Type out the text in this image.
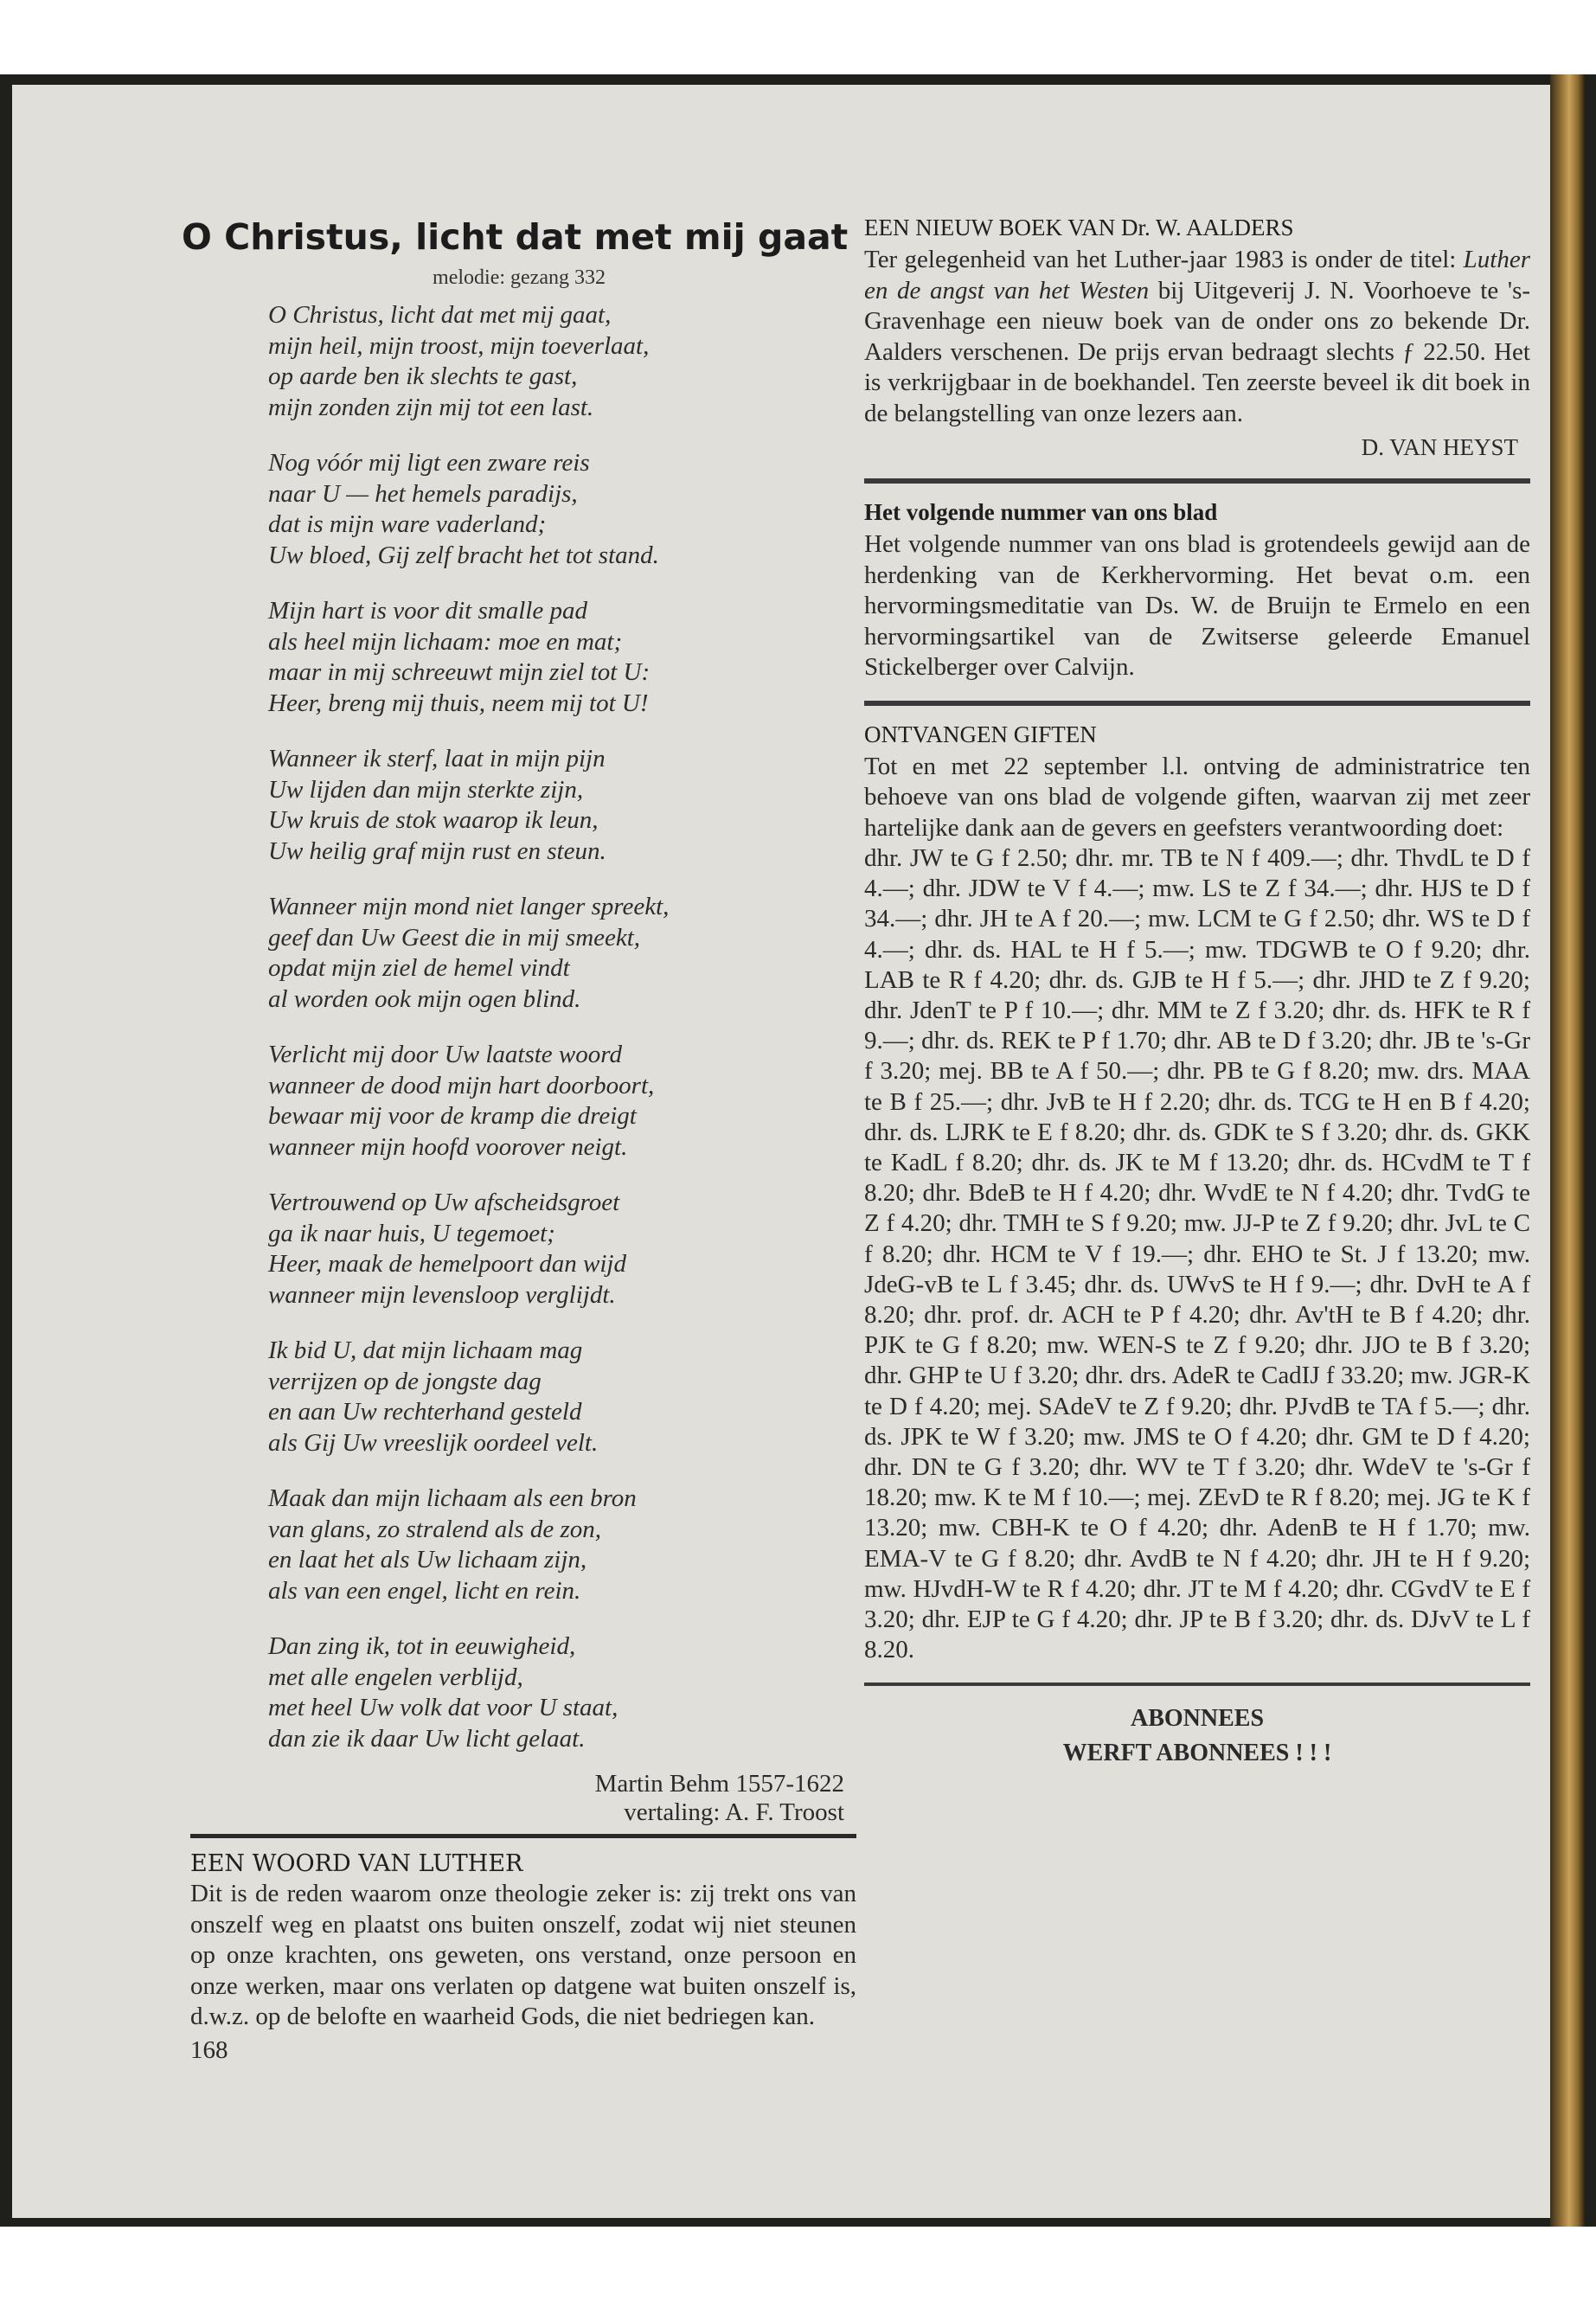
O Christus, licht dat met mij gaat
melodie: gezang 332
O Christus, licht dat met mij gaat,
mijn heil, mijn troost, mijn toeverlaat,
op aarde ben ik slechts te gast,
mijn zonden zijn mij tot een last.
Nog vóór mij ligt een zware reis
naar U — het hemels paradijs,
dat is mijn ware vaderland;
Uw bloed, Gij zelf bracht het tot stand.
Mijn hart is voor dit smalle pad
als heel mijn lichaam: moe en mat;
maar in mij schreeuwt mijn ziel tot U:
Heer, breng mij thuis, neem mij tot U!
Wanneer ik sterf, laat in mijn pijn
Uw lijden dan mijn sterkte zijn,
Uw kruis de stok waarop ik leun,
Uw heilig graf mijn rust en steun.
Wanneer mijn mond niet langer spreekt,
geef dan Uw Geest die in mij smeekt,
opdat mijn ziel de hemel vindt
al worden ook mijn ogen blind.
Verlicht mij door Uw laatste woord
wanneer de dood mijn hart doorboort,
bewaar mij voor de kramp die dreigt
wanneer mijn hoofd voorover neigt.
Vertrouwend op Uw afscheidsgroet
ga ik naar huis, U tegemoet;
Heer, maak de hemelpoort dan wijd
wanneer mijn levensloop verglijdt.
Ik bid U, dat mijn lichaam mag
verrijzen op de jongste dag
en aan Uw rechterhand gesteld
als Gij Uw vreeslijk oordeel velt.
Maak dan mijn lichaam als een bron
van glans, zo stralend als de zon,
en laat het als Uw lichaam zijn,
als van een engel, licht en rein.
Dan zing ik, tot in eeuwigheid,
met alle engelen verblijd,
met heel Uw volk dat voor U staat,
dan zie ik daar Uw licht gelaat.
Martin Behm 1557-1622
vertaling: A. F. Troost
EEN WOORD VAN LUTHER

Dit is de reden waarom onze theologie zeker is: zij trekt ons van onszelf weg en plaatst ons buiten onszelf, zodat wij niet steunen op onze krachten, ons geweten, ons verstand, onze persoon en onze werken, maar ons verlaten op datgene wat buiten onszelf is, d.w.z. op de belofte en waarheid Gods, die niet bedriegen kan.

168
EEN NIEUW BOEK VAN Dr. W. AALDERS

Ter gelegenheid van het Luther-jaar 1983 is onder de titel: Luther en de angst van het Westen bij Uitgeverij J. N. Voorhoeve te 's-Gravenhage een nieuw boek van de onder ons zo bekende Dr. Aalders verschenen. De prijs ervan bedraagt slechts ƒ 22.50. Het is verkrijgbaar in de boekhandel. Ten zeerste beveel ik dit boek in de belangstelling van onze lezers aan.

D. VAN HEYST
Het volgende nummer van ons blad

Het volgende nummer van ons blad is grotendeels gewijd aan de herdenking van de Kerkhervorming. Het bevat o.m. een hervormingsmeditatie van Ds. W. de Bruijn te Ermelo en een hervormingsartikel van de Zwitserse geleerde Emanuel Stickelberger over Calvijn.

ONTVANGEN GIFTEN

Tot en met 22 september l.l. ontving de administratrice ten behoeve van ons blad de volgende giften, waarvan zij met zeer hartelijke dank aan de gevers en geefsters verantwoording doet:

dhr. JW te G f 2.50; dhr. mr. TB te N f 409.—; dhr. ThvdL te D f 4.—; dhr. JDW te V f 4.—; mw. LS te Z f 34.—; dhr. HJS te D f 34.—; dhr. JH te A f 20.—; mw. LCM te G f 2.50; dhr. WS te D f 4.—; dhr. ds. HAL te H f 5.—; mw. TDGWB te O f 9.20; dhr. LAB te R f 4.20; dhr. ds. GJB te H f 5.—; dhr. JHD te Z f 9.20; dhr. JdenT te P f 10.—; dhr. MM te Z f 3.20; dhr. ds. HFK te R f 9.—; dhr. ds. REK te P f 1.70; dhr. AB te D f 3.20; dhr. JB te 's-Gr f 3.20; mej. BB te A f 50.—; dhr. PB te G f 8.20; mw. drs. MAA te B f 25.—; dhr. JvB te H f 2.20; dhr. ds. TCG te H en B f 4.20; dhr. ds. LJRK te E f 8.20; dhr. ds. GDK te S f 3.20; dhr. ds. GKK te KadL f 8.20; dhr. ds. JK te M f 13.20; dhr. ds. HCvdM te T f 8.20; dhr. BdeB te H f 4.20; dhr. WvdE te N f 4.20; dhr. TvdG te Z f 4.20; dhr. TMH te S f 9.20; mw. JJ-P te Z f 9.20; dhr. JvL te C f 8.20; dhr. HCM te V f 19.—; dhr. EHO te St. J f 13.20; mw. JdeG-vB te L f 3.45; dhr. ds. UWvS te H f 9.—; dhr. DvH te A f 8.20; dhr. prof. dr. ACH te P f 4.20; dhr. Av'tH te B f 4.20; dhr. PJK te G f 8.20; mw. WEN-S te Z f 9.20; dhr. JJO te B f 3.20; dhr. GHP te U f 3.20; dhr. drs. AdeR te CadIJ f 33.20; mw. JGR-K te D f 4.20; mej. SAdeV te Z f 9.20; dhr. PJvdB te TA f 5.—; dhr. ds. JPK te W f 3.20; mw. JMS te O f 4.20; dhr. GM te D f 4.20; dhr. DN te G f 3.20; dhr. WV te T f 3.20; dhr. WdeV te 's-Gr f 18.20; mw. K te M f 10.—; mej. ZEvD te R f 8.20; mej. JG te K f 13.20; mw. CBH-K te O f 4.20; dhr. AdenB te H f 1.70; mw. EMA-V te G f 8.20; dhr. AvdB te N f 4.20; dhr. JH te H f 9.20; mw. HJvdH-W te R f 4.20; dhr. JT te M f 4.20; dhr. CGvdV te E f 3.20; dhr. EJP te G f 4.20; dhr. JP te B f 3.20; dhr. ds. DJvV te L f 8.20.

ABONNEES
WERFT ABONNEES ! ! !
